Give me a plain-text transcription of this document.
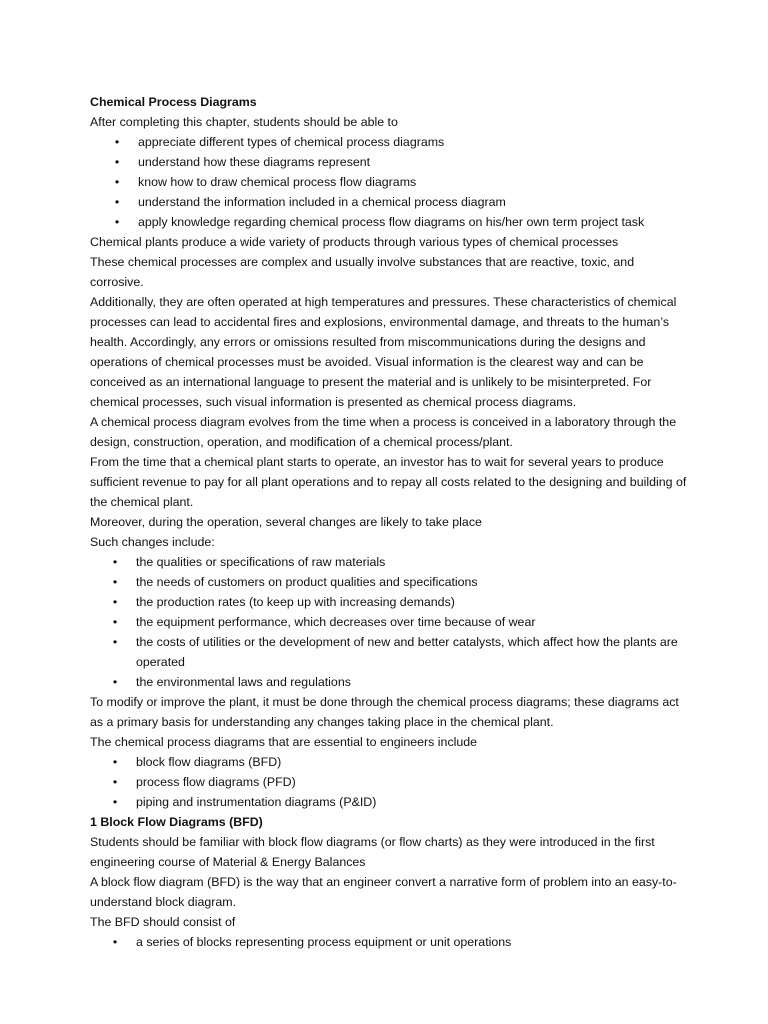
Chemical Process Diagrams

After completing this chapter, students should be able to

• appreciate different types of chemical process diagrams
• understand how these diagrams represent
• know how to draw chemical process flow diagrams
• understand the information included in a chemical process diagram
• apply knowledge regarding chemical process flow diagrams on his/her own term project task

Chemical plants produce a wide variety of products through various types of chemical processes

These chemical processes are complex and usually involve substances that are reactive, toxic, and corrosive.

Additionally, they are often operated at high temperatures and pressures. These characteristics of chemical processes can lead to accidental fires and explosions, environmental damage, and threats to the human’s health. Accordingly, any errors or omissions resulted from miscommunications during the designs and operations of chemical processes must be avoided. Visual information is the clearest way and can be conceived as an international language to present the material and is unlikely to be misinterpreted. For chemical processes, such visual information is presented as chemical process diagrams.

A chemical process diagram evolves from the time when a process is conceived in a laboratory through the design, construction, operation, and modification of a chemical process/plant.

From the time that a chemical plant starts to operate, an investor has to wait for several years to produce sufficient revenue to pay for all plant operations and to repay all costs related to the designing and building of the chemical plant.

Moreover, during the operation, several changes are likely to take place

Such changes include:

• the qualities or specifications of raw materials
• the needs of customers on product qualities and specifications
• the production rates (to keep up with increasing demands)
• the equipment performance, which decreases over time because of wear
• the costs of utilities or the development of new and better catalysts, which affect how the plants are operated
• the environmental laws and regulations

To modify or improve the plant, it must be done through the chemical process diagrams; these diagrams act as a primary basis for understanding any changes taking place in the chemical plant.

The chemical process diagrams that are essential to engineers include

• block flow diagrams (BFD)
• process flow diagrams (PFD)
• piping and instrumentation diagrams (P&ID)

1 Block Flow Diagrams (BFD)

Students should be familiar with block flow diagrams (or flow charts) as they were introduced in the first engineering course of Material & Energy Balances

A block flow diagram (BFD) is the way that an engineer convert a narrative form of problem into an easy-to-understand block diagram.

The BFD should consist of

• a series of blocks representing process equipment or unit operations
